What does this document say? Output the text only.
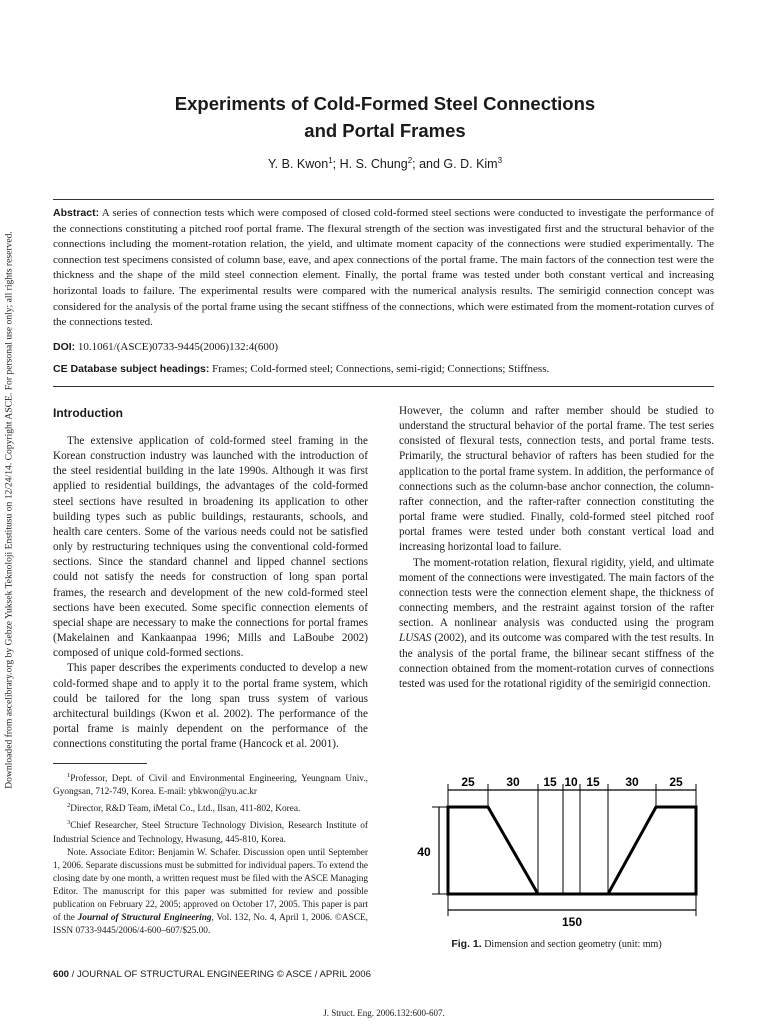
Downloaded from ascelibrary.org by Gebze Yuksek Teknoloji Enstitusu on 12/24/14. Copyright ASCE. For personal use only; all rights reserved.
Experiments of Cold-Formed Steel Connections
and Portal Frames
Y. B. Kwon$^1$; H. S. Chung$^2$; and G. D. Kim$^3$
Abstract: A series of connection tests which were composed of closed cold-formed steel sections were conducted to investigate the performance of the connections constituting a pitched roof portal frame. The flexural strength of the section was investigated first and the structural behavior of the connections including the moment-rotation relation, the yield, and ultimate moment capacity of the connections were studied experimentally. The connection test specimens consisted of column base, eave, and apex connections of the portal frame. The main factors of the connection test were the thickness and the shape of the mild steel connection element. Finally, the portal frame was tested under both constant vertical and increasing horizontal loads to failure. The experimental results were compared with the numerical analysis results. The semirigid connection concept was considered for the analysis of the portal frame using the secant stiffness of the connections, which were estimated from the moment-rotation curves of the connections tested.
DOI: 10.1061/(ASCE)0733-9445(2006)132:4(600)
CE Database subject headings: Frames; Cold-formed steel; Connections, semi-rigid; Connections; Stiffness.
Introduction

The extensive application of cold-formed steel framing in the Korean construction industry was launched with the introduction of the steel residential building in the late 1990s. Although it was first applied to residential buildings, the advantages of the cold-formed steel sections have resulted in broadening its application to other building types such as public buildings, restaurants, schools, and health care centers. Some of the various needs could not be satisfied only by restructuring techniques using the conventional cold-formed sections. Since the standard channel and lipped channel sections could not satisfy the needs for construction of long span portal frames, the research and development of the new cold-formed steel sections have been executed. Some specific connection elements of special shape are necessary to make the connections for portal frames (Makelainen and Kankaanpaa 1996; Mills and LaBoube 2002) composed of unique cold-formed sections.

This paper describes the experiments conducted to develop a new cold-formed shape and to apply it to the portal frame system, which could be tailored for the long span truss system of various architectural buildings (Kwon et al. 2002). The performance of the portal frame is mainly dependent on the performance of the connections constituting the portal frame (Hancock et al. 2001).

$^1$Professor, Dept. of Civil and Environmental Engineering, Yeungnam Univ., Gyongsan, 712-749, Korea. E-mail: ybkwon@yu.ac.kr

$^2$Director, R&D Team, iMetal Co., Ltd., Ilsan, 411-802, Korea.

$^3$Chief Researcher, Steel Structure Technology Division, Research Institute of Industrial Science and Technology, Hwasung, 445-810, Korea.

Note. Associate Editor: Benjamin W. Schafer. Discussion open until September 1, 2006. Separate discussions must be submitted for individual papers. To extend the closing date by one month, a written request must be filed with the ASCE Managing Editor. The manuscript for this paper was submitted for review and possible publication on February 22, 2005; approved on October 17, 2005. This paper is part of the Journal of Structural Engineering, Vol. 132, No. 4, April 1, 2006. ©ASCE, ISSN 0733-9445/2006/4-600–607/$25.00.

However, the column and rafter member should be studied to understand the structural behavior of the portal frame. The test series consisted of flexural tests, connection tests, and portal frame tests. Primarily, the structural behavior of rafters has been studied for the application to the portal frame system. In addition, the performance of connections such as the column-base anchor connection, the column-rafter connection, and the rafter-rafter connection constituting the portal frame were studied. Finally, cold-formed steel pitched roof portal frames were tested under both constant vertical load and increasing horizontal load to failure.

The moment-rotation relation, flexural rigidity, yield, and ultimate moment of the connections were investigated. The main factors of the connection tests were the connection element shape, the thickness of connecting members, and the restraint against torsion of the rafter section. A nonlinear analysis was conducted using the program LUSAS (2002), and its outcome was compared with the test results. In the analysis of the portal frame, the bilinear secant stiffness of the connection obtained from the moment-rotation curves of connections tested was used for the rotational rigidity of the semirigid connection.

25	30 15 10 15 30	25
40
150
Fig. 1. Dimension and section geometry (unit: mm)
600 / JOURNAL OF STRUCTURAL ENGINEERING © ASCE / APRIL 2006
J. Struct. Eng. 2006.132:600-607.
